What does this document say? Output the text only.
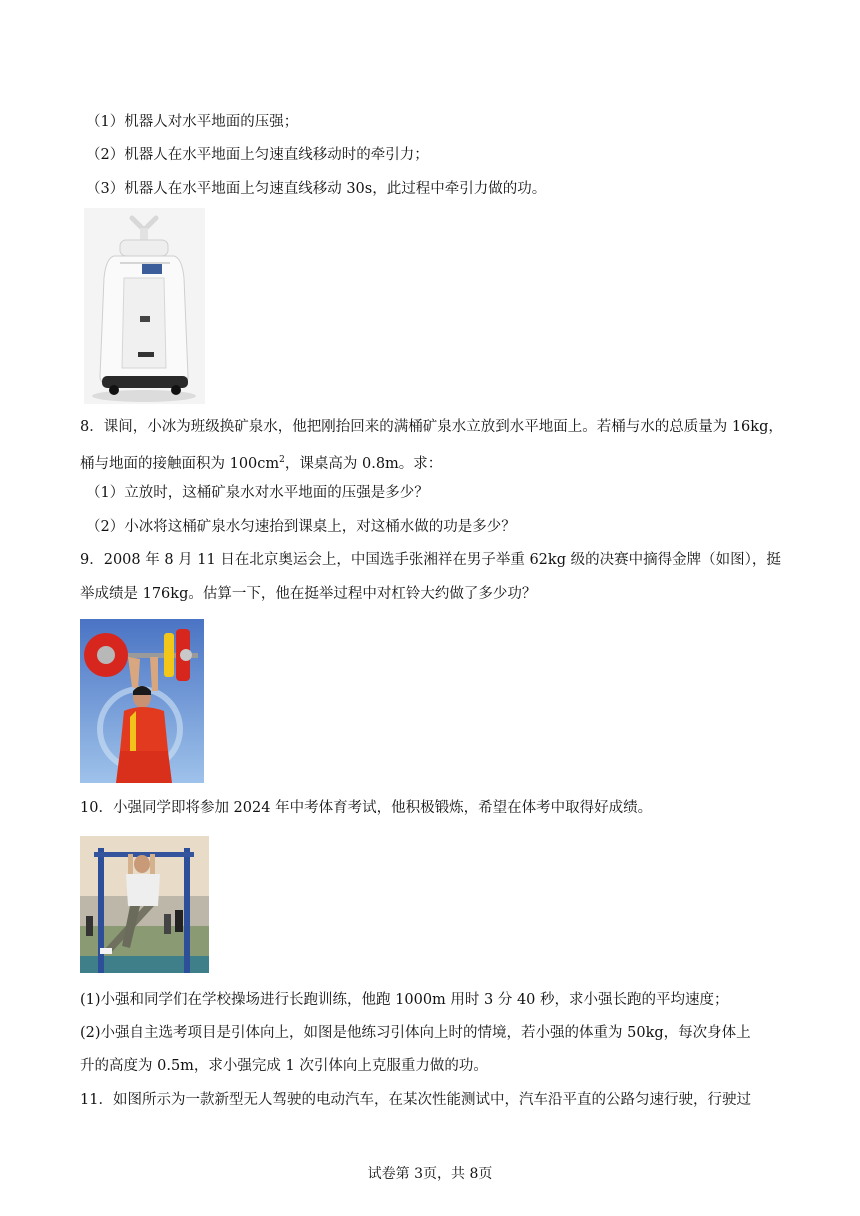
（1）机器人对水平地面的压强；
（2）机器人在水平地面上匀速直线移动时的牵引力；
（3）机器人在水平地面上匀速直线移动 30s，此过程中牵引力做的功。
8．课间，小冰为班级换矿泉水，他把刚抬回来的满桶矿泉水立放到水平地面上。若桶与水的总质量为 16kg，
桶与地面的接触面积为 $100cm^2$，课桌高为 0.8m。求：
（1）立放时，这桶矿泉水对水平地面的压强是多少？
（2）小冰将这桶矿泉水匀速抬到课桌上，对这桶水做的功是多少？
9．2008 年 8 月 11 日在北京奥运会上，中国选手张湘祥在男子举重 62kg 级的决赛中摘得金牌（如图），挺
举成绩是 176kg。估算一下，他在挺举过程中对杠铃大约做了多少功？
10．小强同学即将参加 2024 年中考体育考试，他积极锻炼，希望在体考中取得好成绩。
(1)小强和同学们在学校操场进行长跑训练，他跑 1000m 用时 3 分 40 秒，求小强长跑的平均速度；
(2)小强自主选考项目是引体向上，如图是他练习引体向上时的情境，若小强的体重为 50kg，每次身体上
升的高度为 0.5m，求小强完成 1 次引体向上克服重力做的功。
11．如图所示为一款新型无人驾驶的电动汽车，在某次性能测试中，汽车沿平直的公路匀速行驶，行驶过
试卷第 3页，共 8页
